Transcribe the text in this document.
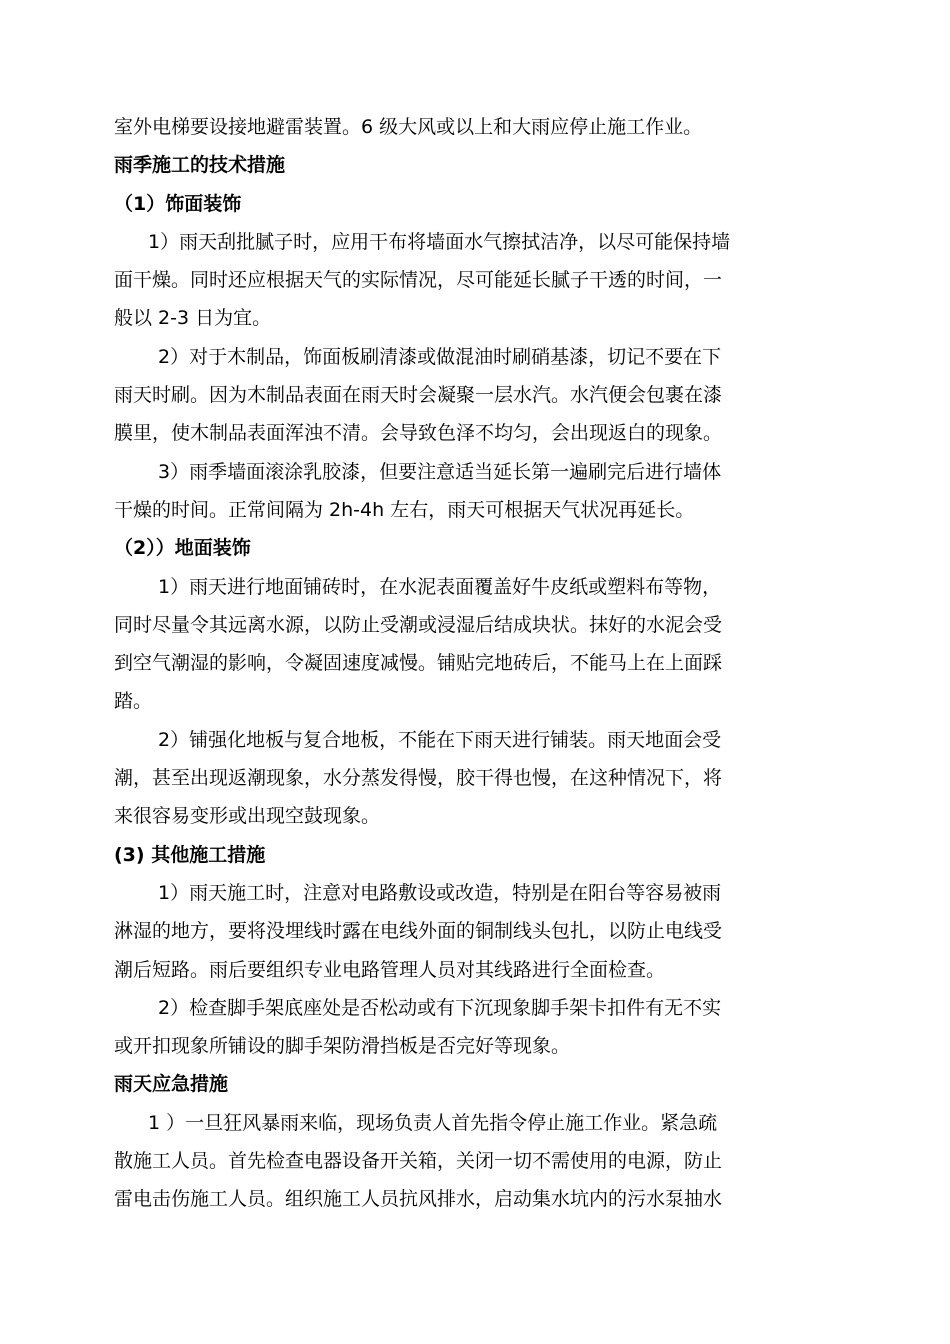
室外电梯要设接地避雷装置。6 级大风或以上和大雨应停止施工作业。
雨季施工的技术措施
（1）饰面装饰
1）雨天刮批腻子时，应用干布将墙面水气擦拭洁净，以尽可能保持墙
面干燥。同时还应根据天气的实际情况，尽可能延长腻子干透的时间，一
般以 2-3 日为宜。
2）对于木制品，饰面板刷清漆或做混油时刷硝基漆，切记不要在下
雨天时刷。因为木制品表面在雨天时会凝聚一层水汽。水汽便会包裹在漆
膜里，使木制品表面浑浊不清。会导致色泽不均匀，会出现返白的现象。
3）雨季墙面滚涂乳胶漆，但要注意适当延长第一遍刷完后进行墙体
干燥的时间。正常间隔为 2h-4h 左右，雨天可根据天气状况再延长。
（2））地面装饰
1）雨天进行地面铺砖时，在水泥表面覆盖好牛皮纸或塑料布等物，
同时尽量令其远离水源，以防止受潮或浸湿后结成块状。抹好的水泥会受
到空气潮湿的影响，令凝固速度减慢。铺贴完地砖后，不能马上在上面踩
踏。
2）铺强化地板与复合地板，不能在下雨天进行铺装。雨天地面会受
潮，甚至出现返潮现象，水分蒸发得慢，胶干得也慢，在这种情况下，将
来很容易变形或出现空鼓现象。
(3) 其他施工措施
1）雨天施工时，注意对电路敷设或改造，特别是在阳台等容易被雨
淋湿的地方，要将没埋线时露在电线外面的铜制线头包扎，以防止电线受
潮后短路。雨后要组织专业电路管理人员对其线路进行全面检查。
2）检查脚手架底座处是否松动或有下沉现象脚手架卡扣件有无不实
或开扣现象所铺设的脚手架防滑挡板是否完好等现象。
雨天应急措施
1 ）一旦狂风暴雨来临，现场负责人首先指令停止施工作业。紧急疏
散施工人员。首先检查电器设备开关箱，关闭一切不需使用的电源，防止
雷电击伤施工人员。组织施工人员抗风排水，启动集水坑内的污水泵抽水
